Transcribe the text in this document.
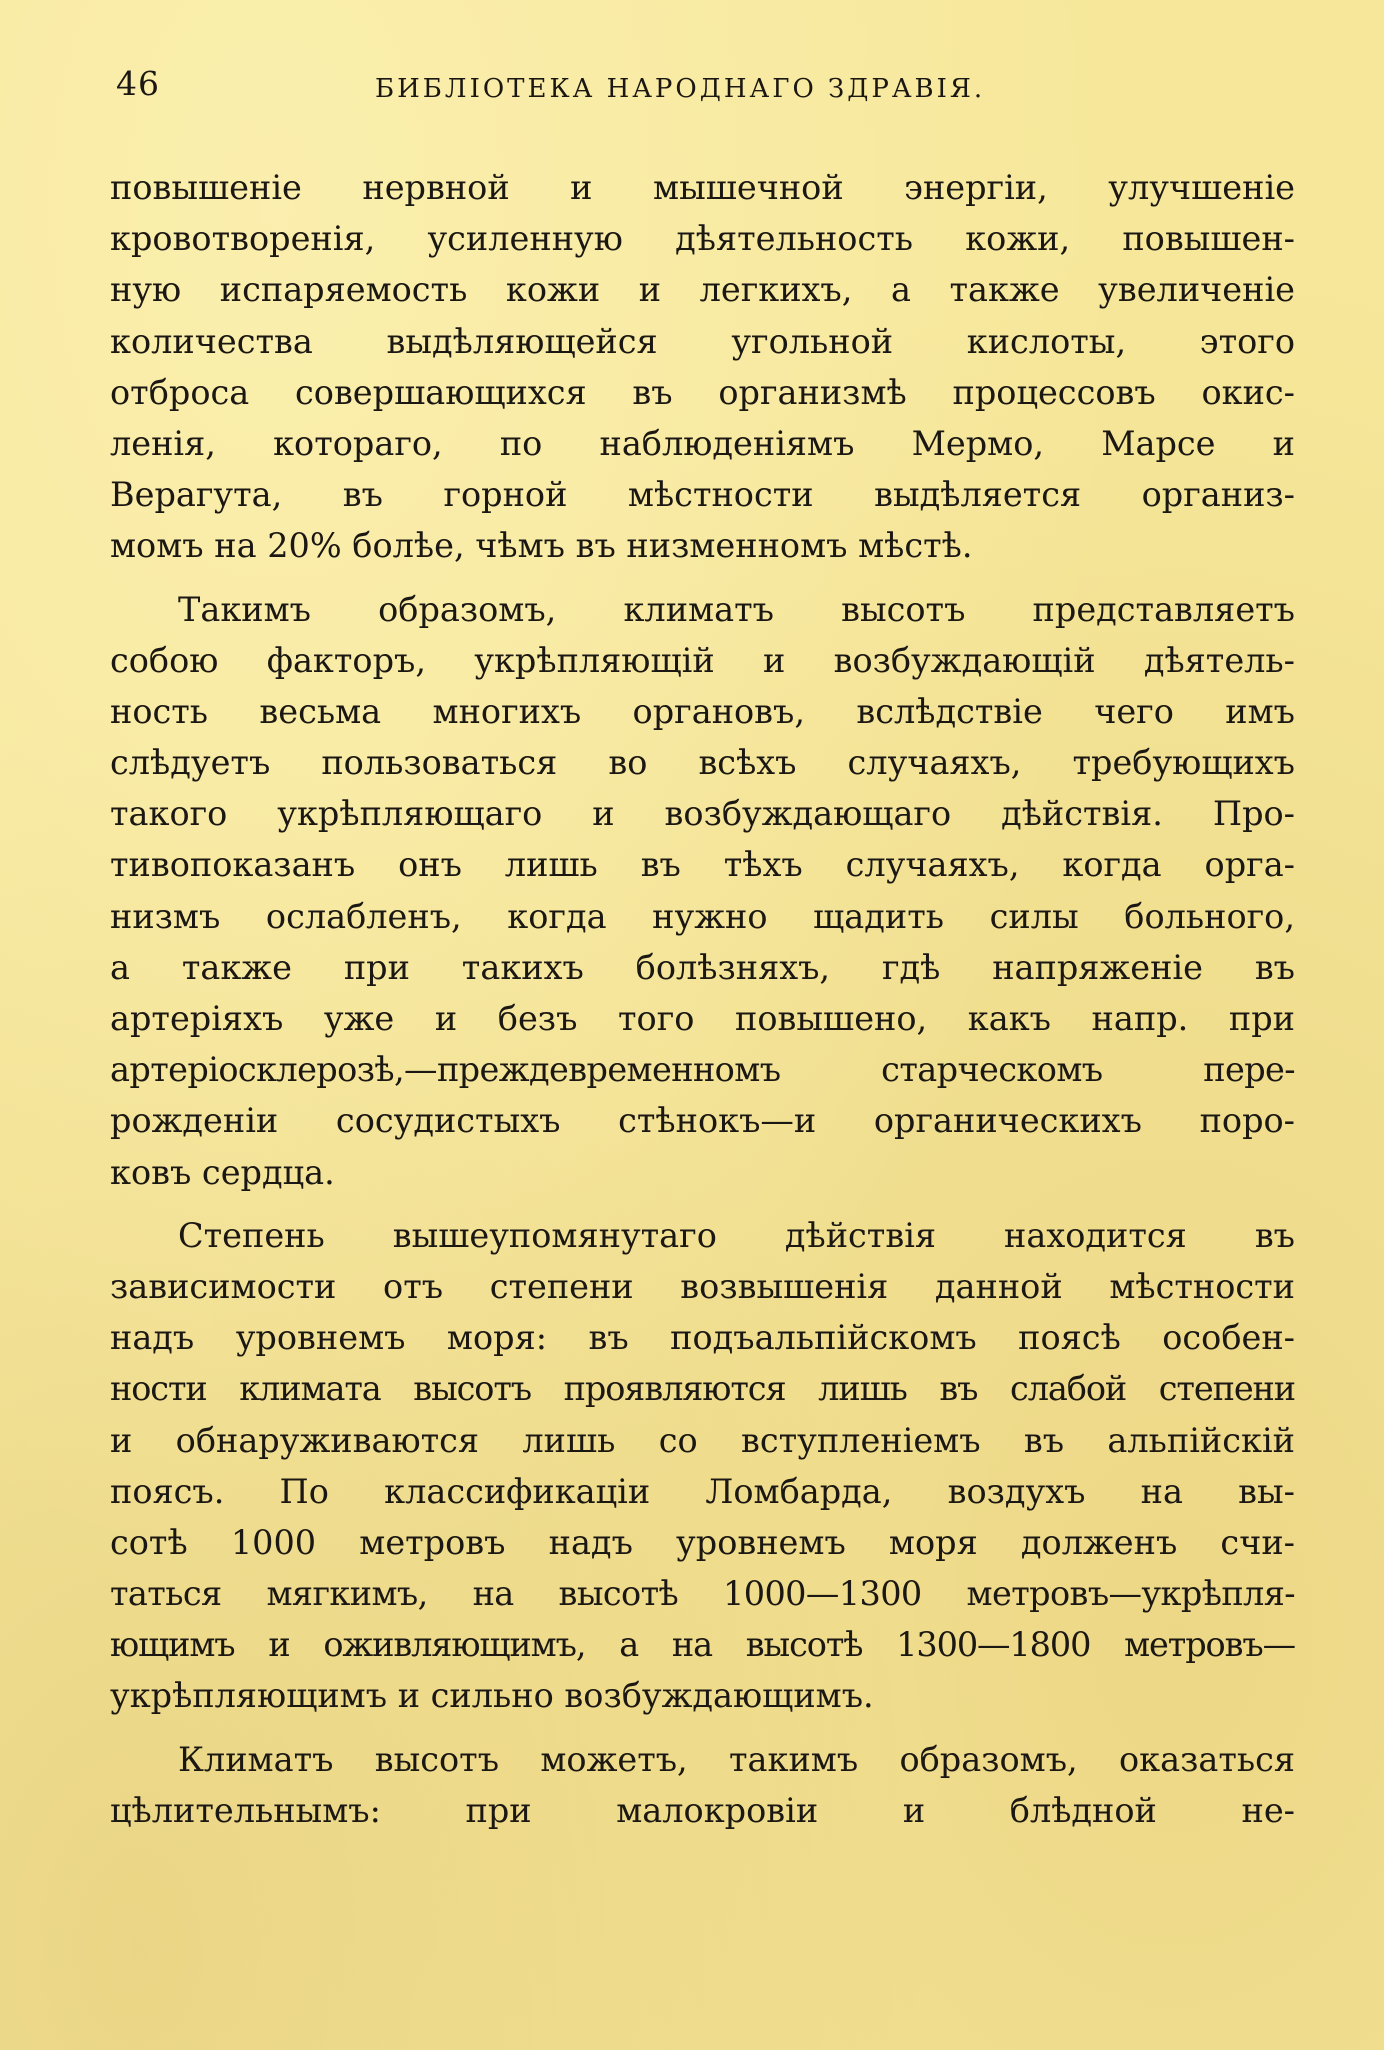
46	БИБЛІОТЕКА НАРОДНАГО ЗДРАВІЯ.
повышеніе нервной и мышечной энергіи, улучшеніе
кровотворенія, усиленную дѣятельность кожи, повышен-
ную испаряемость кожи и легкихъ, а также увеличеніе
количества выдѣляющейся угольной кислоты, этого
отброса совершающихся въ организмѣ процессовъ окис-
ленія, котораго, по наблюденіямъ Мермо, Марсе и
Верагута, въ горной мѣстности выдѣляется организ-
момъ на 20% болѣе, чѣмъ въ низменномъ мѣстѣ.
Такимъ образомъ, климатъ высотъ представляетъ
собою факторъ, укрѣпляющій и возбуждающій дѣятель-
ность весьма многихъ органовъ, вслѣдствіе чего имъ
слѣдуетъ пользоваться во всѣхъ случаяхъ, требующихъ
такого укрѣпляющаго и возбуждающаго дѣйствія. Про-
тивопоказанъ онъ лишь въ тѣхъ случаяхъ, когда орга-
низмъ ослабленъ, когда нужно щадить силы больного,
а также при такихъ болѣзняхъ, гдѣ напряженіе въ
артеріяхъ уже и безъ того повышено, какъ напр. при
артеріосклерозѣ,—преждевременномъ старческомъ пере-
рожденіи сосудистыхъ стѣнокъ—и органическихъ поро-
ковъ сердца.
Степень вышеупомянутаго дѣйствія находится въ
зависимости отъ степени возвышенія данной мѣстности
надъ уровнемъ моря: въ подъальпійскомъ поясѣ особен-
ности климата высотъ проявляются лишь въ слабой степени
и обнаруживаются лишь со вступленіемъ въ альпійскій
поясъ. По классификаціи Ломбарда, воздухъ на вы-
сотѣ 1000 метровъ надъ уровнемъ моря долженъ счи-
таться мягкимъ, на высотѣ 1000—1300 метровъ—укрѣпля-
ющимъ и оживляющимъ, а на высотѣ 1300—1800 метровъ—
укрѣпляющимъ и сильно возбуждающимъ.
Климатъ высотъ можетъ, такимъ образомъ, оказаться
цѣлительнымъ: при малокровіи и блѣдной не-
